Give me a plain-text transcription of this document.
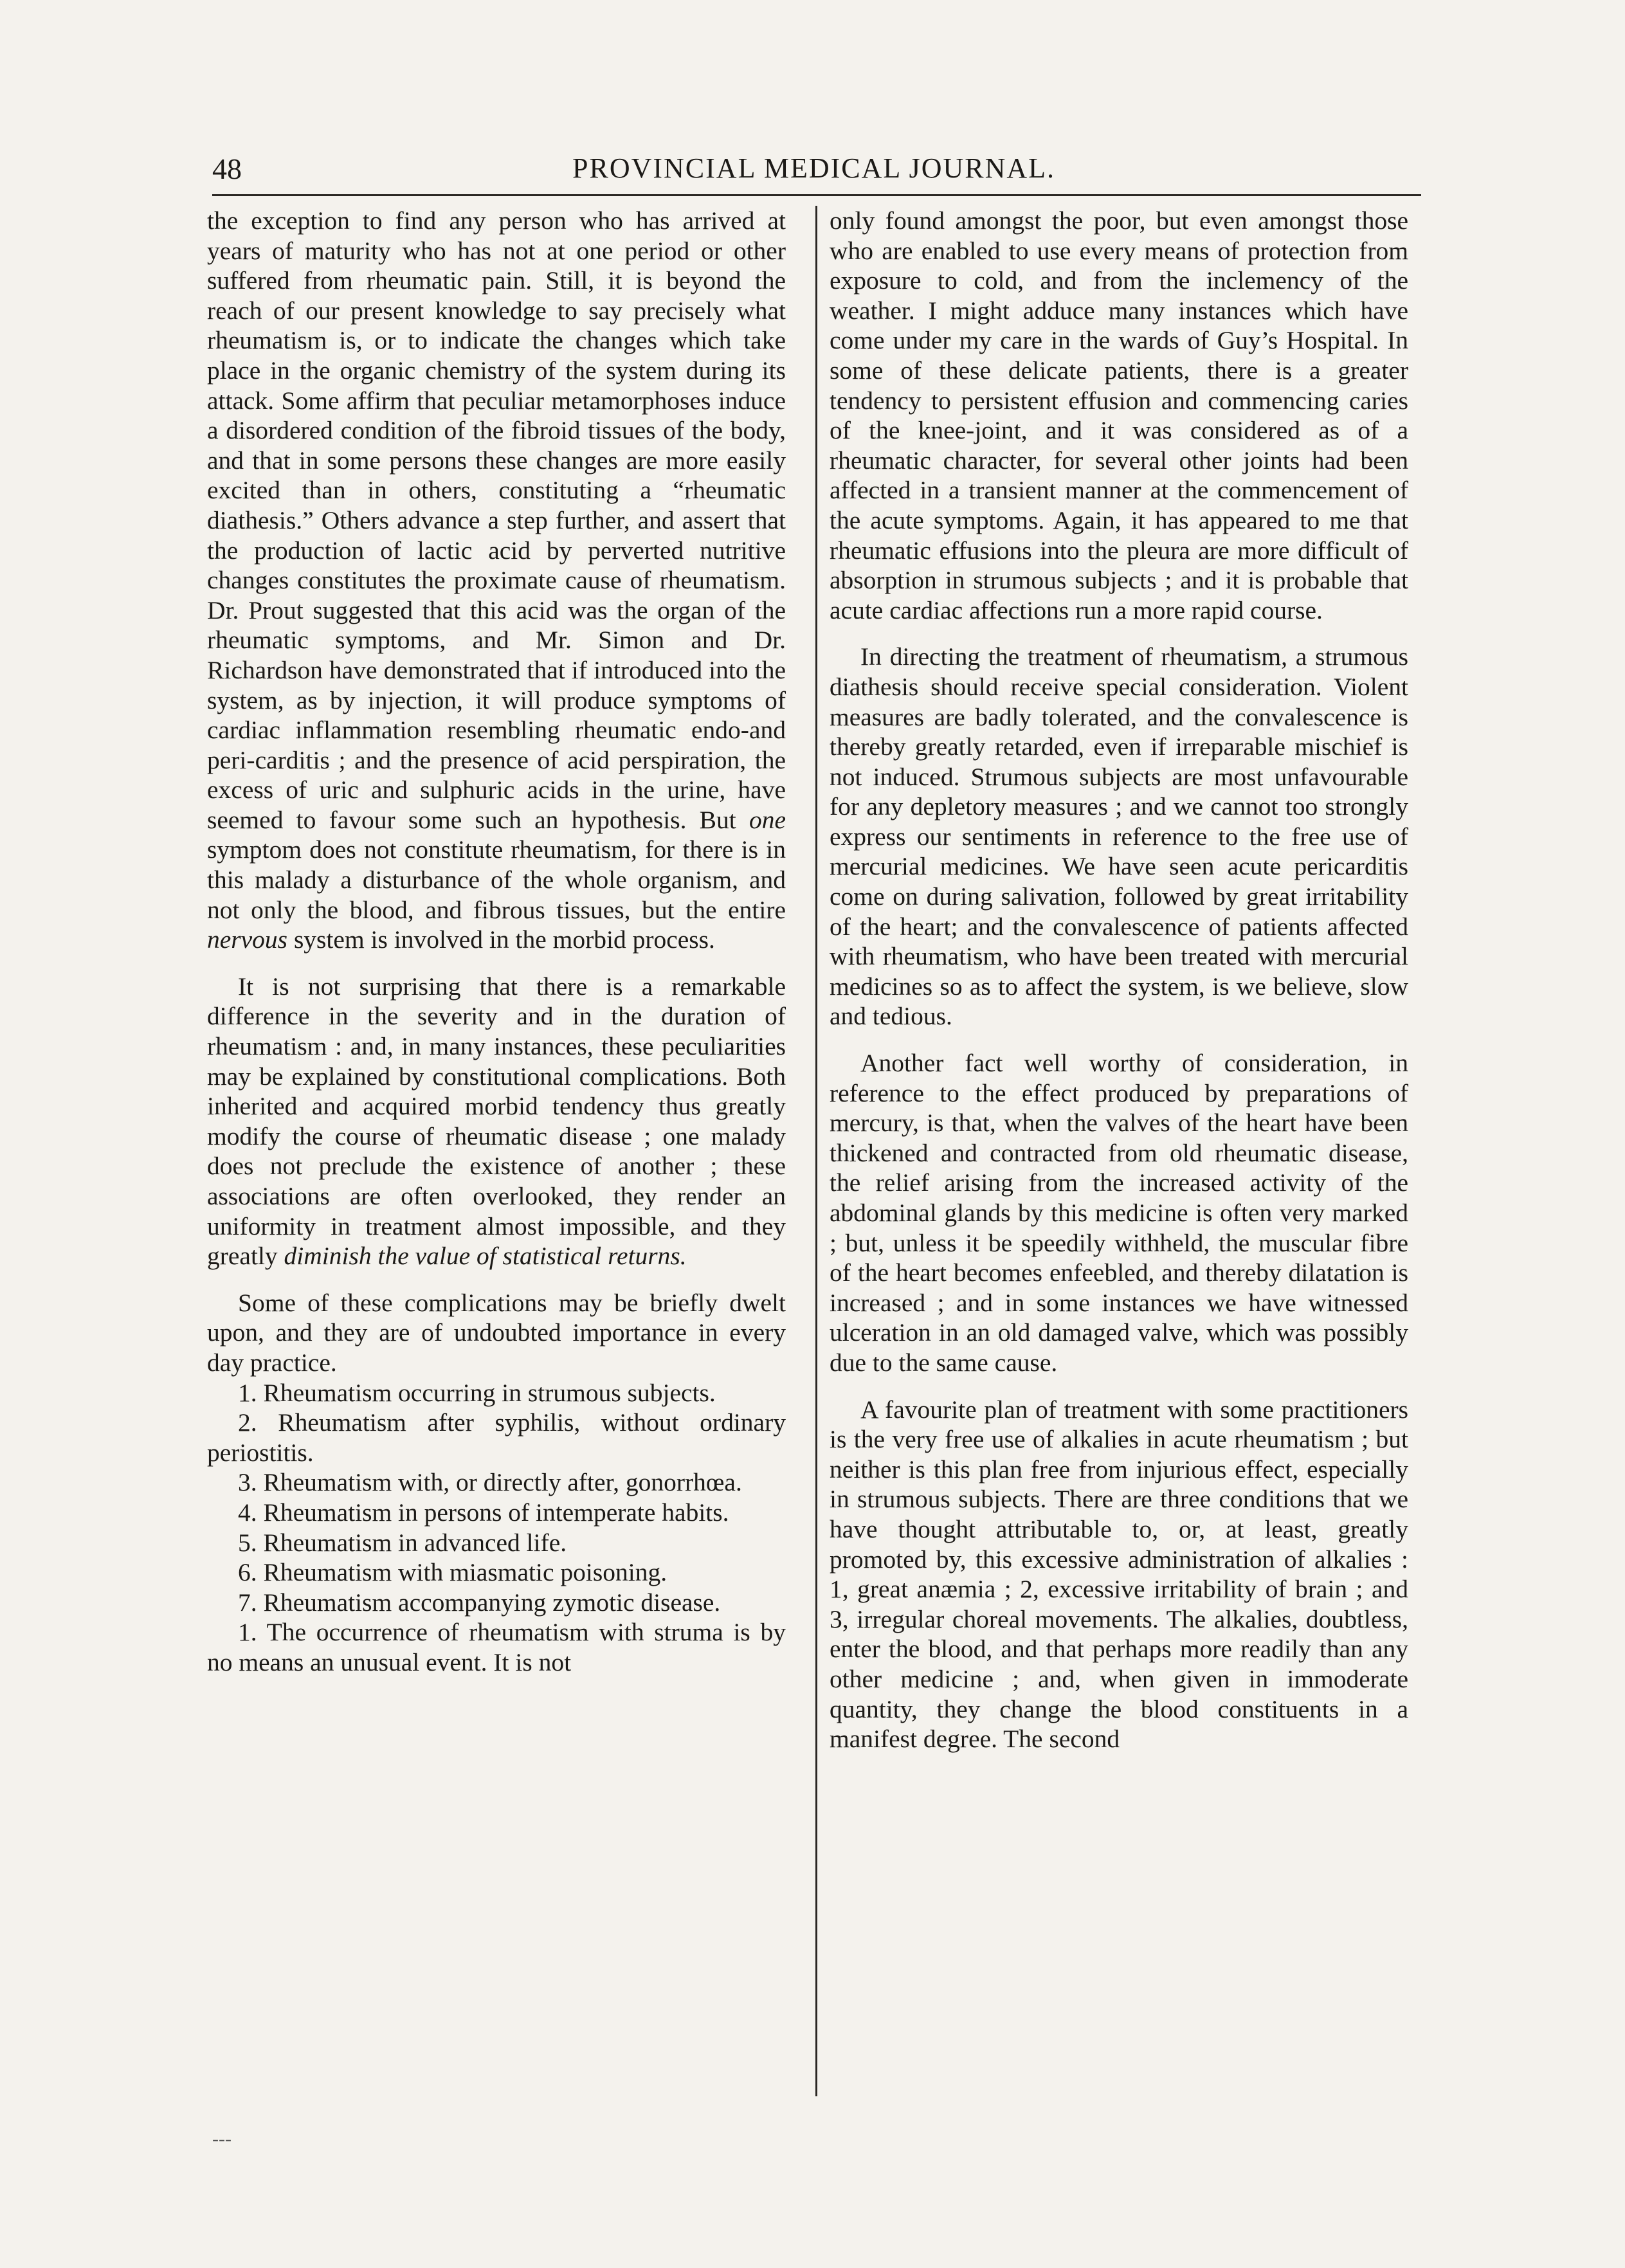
48	PROVINCIAL MEDICAL JOURNAL.

the exception to find any person who has arrived at years of maturity who has not at one period or other suffered from rheumatic pain. Still, it is beyond the reach of our present knowledge to say precisely what rheumatism is, or to indicate the changes which take place in the organic chemistry of the system during its attack. Some affirm that peculiar metamorphoses induce a disordered condition of the fibroid tissues of the body, and that in some persons these changes are more easily excited than in others, constituting a “rheumatic diathesis.” Others advance a step further, and assert that the production of lactic acid by perverted nutritive changes constitutes the proximate cause of rheumatism. Dr. Prout suggested that this acid was the organ of the rheumatic symptoms, and Mr. Simon and Dr. Richardson have demonstrated that if introduced into the system, as by injection, it will produce symptoms of cardiac inflammation resembling rheumatic endo-and peri-carditis ; and the presence of acid perspiration, the excess of uric and sulphuric acids in the urine, have seemed to favour some such an hypothesis. But one symptom does not constitute rheumatism, for there is in this malady a disturbance of the whole organism, and not only the blood, and fibrous tissues, but the entire nervous system is involved in the morbid process.

It is not surprising that there is a remarkable difference in the severity and in the duration of rheumatism : and, in many instances, these peculiarities may be explained by constitutional complications. Both inherited and acquired morbid tendency thus greatly modify the course of rheumatic disease ; one malady does not preclude the existence of another ; these associations are often overlooked, they render an uniformity in treatment almost impossible, and they greatly diminish the value of statistical returns.

Some of these complications may be briefly dwelt upon, and they are of undoubted importance in every day practice.

1. Rheumatism occurring in strumous subjects.

2. Rheumatism after syphilis, without ordinary periostitis.

3. Rheumatism with, or directly after, gonorrhœa.

4. Rheumatism in persons of intemperate habits.

5. Rheumatism in advanced life.

6. Rheumatism with miasmatic poisoning.

7. Rheumatism accompanying zymotic disease.

1. The occurrence of rheumatism with struma is by no means an unusual event. It is not

only found amongst the poor, but even amongst those who are enabled to use every means of protection from exposure to cold, and from the inclemency of the weather. I might adduce many instances which have come under my care in the wards of Guy’s Hospital. In some of these delicate patients, there is a greater tendency to persistent effusion and commencing caries of the knee-joint, and it was considered as of a rheumatic character, for several other joints had been affected in a transient manner at the commencement of the acute symptoms. Again, it has appeared to me that rheumatic effusions into the pleura are more difficult of absorption in strumous subjects ; and it is probable that acute cardiac affections run a more rapid course.

In directing the treatment of rheumatism, a strumous diathesis should receive special consideration. Violent measures are badly tolerated, and the convalescence is thereby greatly retarded, even if irreparable mischief is not induced. Strumous subjects are most unfavourable for any depletory measures ; and we cannot too strongly express our sentiments in reference to the free use of mercurial medicines. We have seen acute pericarditis come on during salivation, followed by great irritability of the heart; and the convalescence of patients affected with rheumatism, who have been treated with mercurial medicines so as to affect the system, is we believe, slow and tedious.

Another fact well worthy of consideration, in reference to the effect produced by preparations of mercury, is that, when the valves of the heart have been thickened and contracted from old rheumatic disease, the relief arising from the increased activity of the abdominal glands by this medicine is often very marked ; but, unless it be speedily withheld, the muscular fibre of the heart becomes enfeebled, and thereby dilatation is increased ; and in some instances we have witnessed ulceration in an old damaged valve, which was possibly due to the same cause.

A favourite plan of treatment with some practitioners is the very free use of alkalies in acute rheumatism ; but neither is this plan free from injurious effect, especially in strumous subjects. There are three conditions that we have thought attributable to, or, at least, greatly promoted by, this excessive administration of alkalies : 1, great anæmia ; 2, excessive irritability of brain ; and 3, irregular choreal movements. The alkalies, doubtless, enter the blood, and that perhaps more readily than any other medicine ; and, when given in immoderate quantity, they change the blood constituents in a manifest degree. The second

---
